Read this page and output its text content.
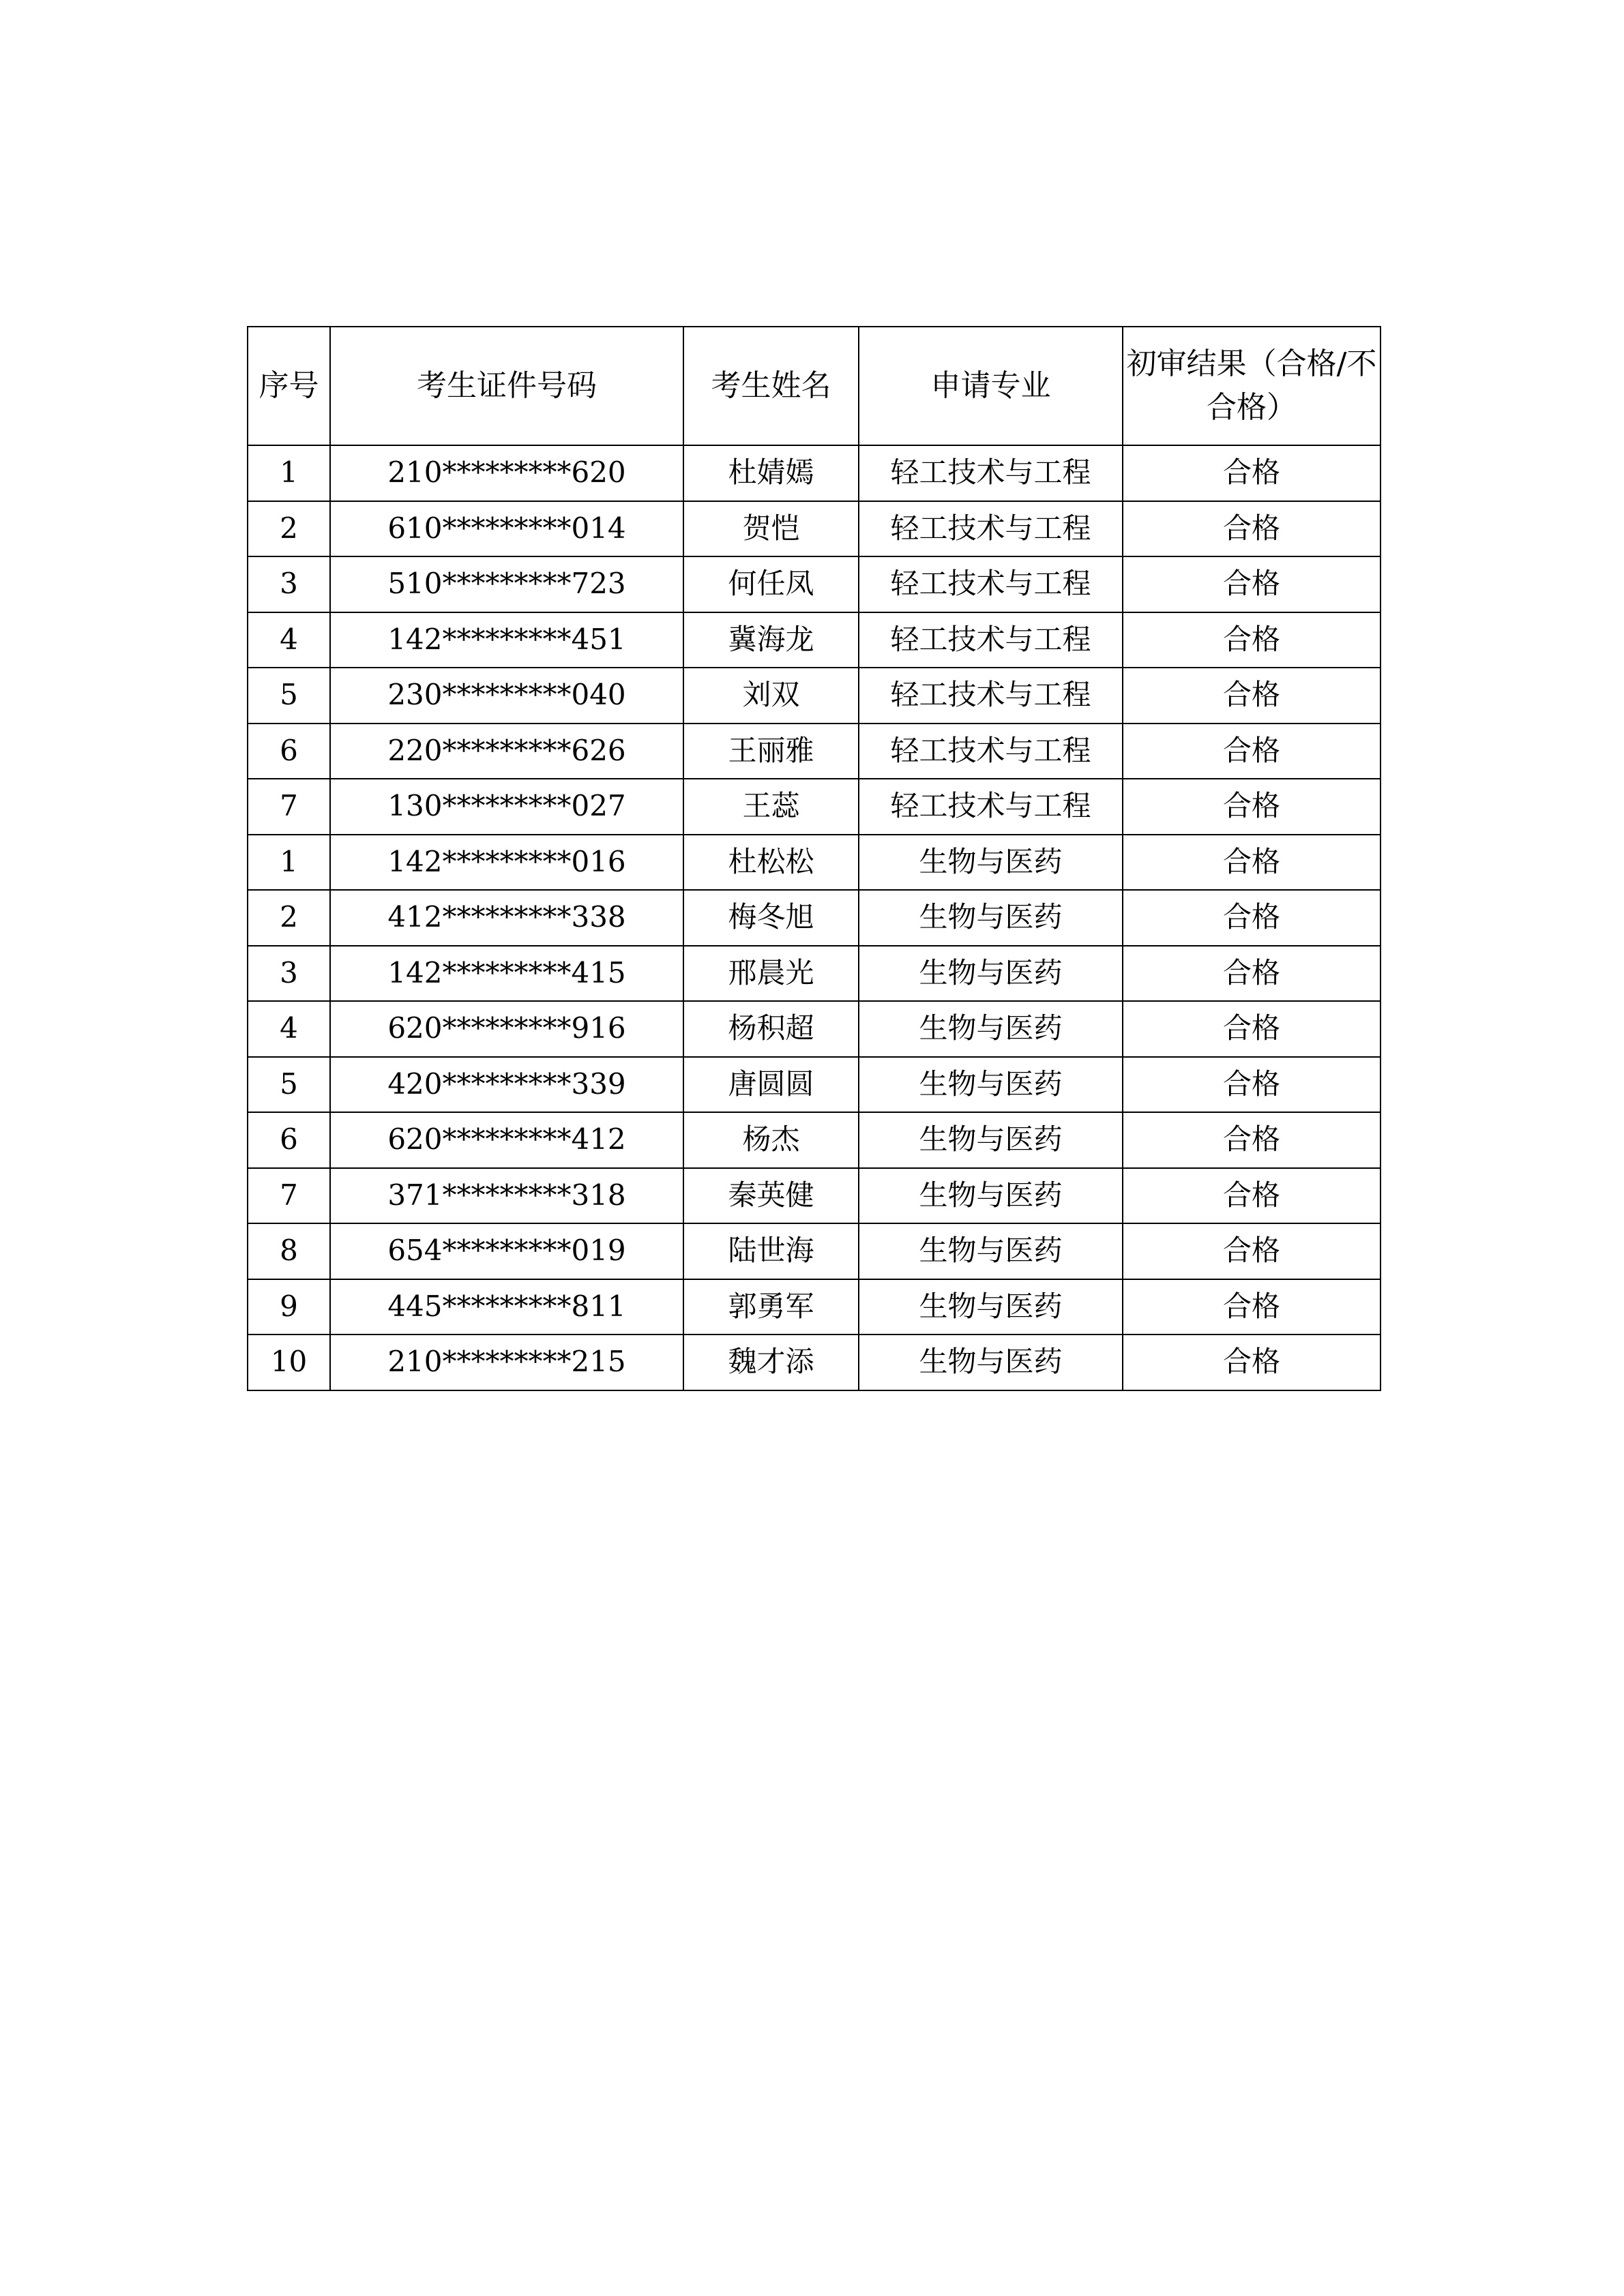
序号	考生证件号码	考生姓名	申请专业	初审结果（合格/不合格）
1	210*********620	杜婧嫣	轻工技术与工程	合格
2	610*********014	贺恺	轻工技术与工程	合格
3	510*********723	何任凤	轻工技术与工程	合格
4	142*********451	冀海龙	轻工技术与工程	合格
5	230*********040	刘双	轻工技术与工程	合格
6	220*********626	王丽雅	轻工技术与工程	合格
7	130*********027	王蕊	轻工技术与工程	合格
1	142*********016	杜松松	生物与医药	合格
2	412*********338	梅冬旭	生物与医药	合格
3	142*********415	邢晨光	生物与医药	合格
4	620*********916	杨积超	生物与医药	合格
5	420*********339	唐圆圆	生物与医药	合格
6	620*********412	杨杰	生物与医药	合格
7	371*********318	秦英健	生物与医药	合格
8	654*********019	陆世海	生物与医药	合格
9	445*********811	郭勇军	生物与医药	合格
10	210*********215	魏才添	生物与医药	合格
